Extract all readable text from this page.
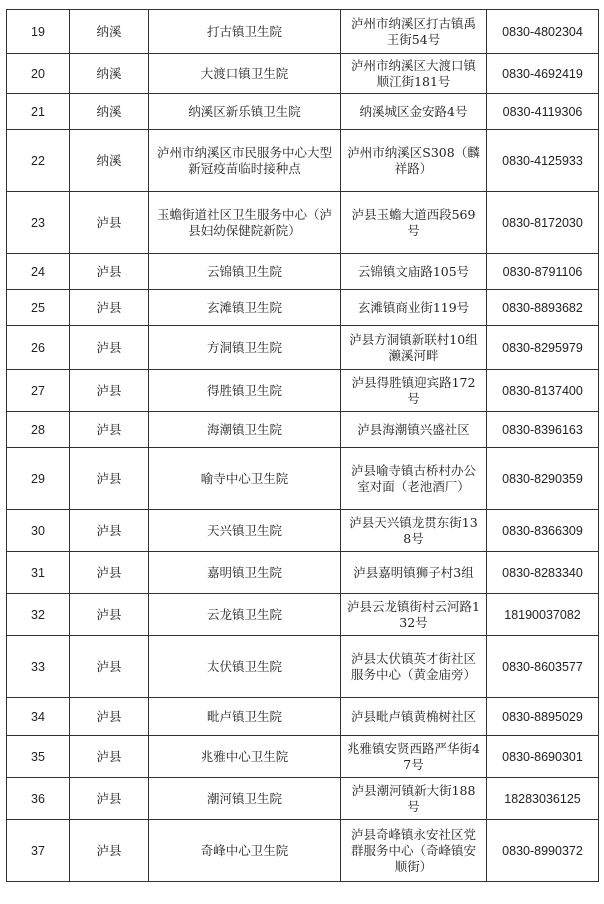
19	纳溪	打古镇卫生院	泸州市纳溪区打古镇禹王街54号	0830-4802304
20	纳溪	大渡口镇卫生院	泸州市纳溪区大渡口镇顺江街181号	0830-4692419
21	纳溪	纳溪区新乐镇卫生院	纳溪城区金安路4号	0830-4119306
22	纳溪	泸州市纳溪区市民服务中心大型新冠疫苗临时接种点	泸州市纳溪区S308（麟祥路）	0830-4125933
23	泸县	玉蟾街道社区卫生服务中心（泸县妇幼保健院新院）	泸县玉蟾大道西段569号	0830-8172030
24	泸县	云锦镇卫生院	云锦镇文庙路105号	0830-8791106
25	泸县	玄滩镇卫生院	玄滩镇商业街119号	0830-8893682
26	泸县	方洞镇卫生院	泸县方洞镇新联村10组濑溪河畔	0830-8295979
27	泸县	得胜镇卫生院	泸县得胜镇迎宾路172号	0830-8137400
28	泸县	海潮镇卫生院	泸县海潮镇兴盛社区	0830-8396163
29	泸县	喻寺中心卫生院	泸县喻寺镇古桥村办公室对面（老池酒厂）	0830-8290359
30	泸县	天兴镇卫生院	泸县天兴镇龙贯东街138号	0830-8366309
31	泸县	嘉明镇卫生院	泸县嘉明镇狮子村3组	0830-8283340
32	泸县	云龙镇卫生院	泸县云龙镇街村云河路132号	18190037082
33	泸县	太伏镇卫生院	泸县太伏镇英才街社区服务中心（黄金庙旁）	0830-8603577
34	泸县	毗卢镇卫生院	泸县毗卢镇黄桷树社区	0830-8895029
35	泸县	兆雅中心卫生院	兆雅镇安贤西路严华街47号	0830-8690301
36	泸县	潮河镇卫生院	泸县潮河镇新大街188号	18283036125
37	泸县	奇峰中心卫生院	泸县奇峰镇永安社区党群服务中心（奇峰镇安顺街）	0830-8990372
